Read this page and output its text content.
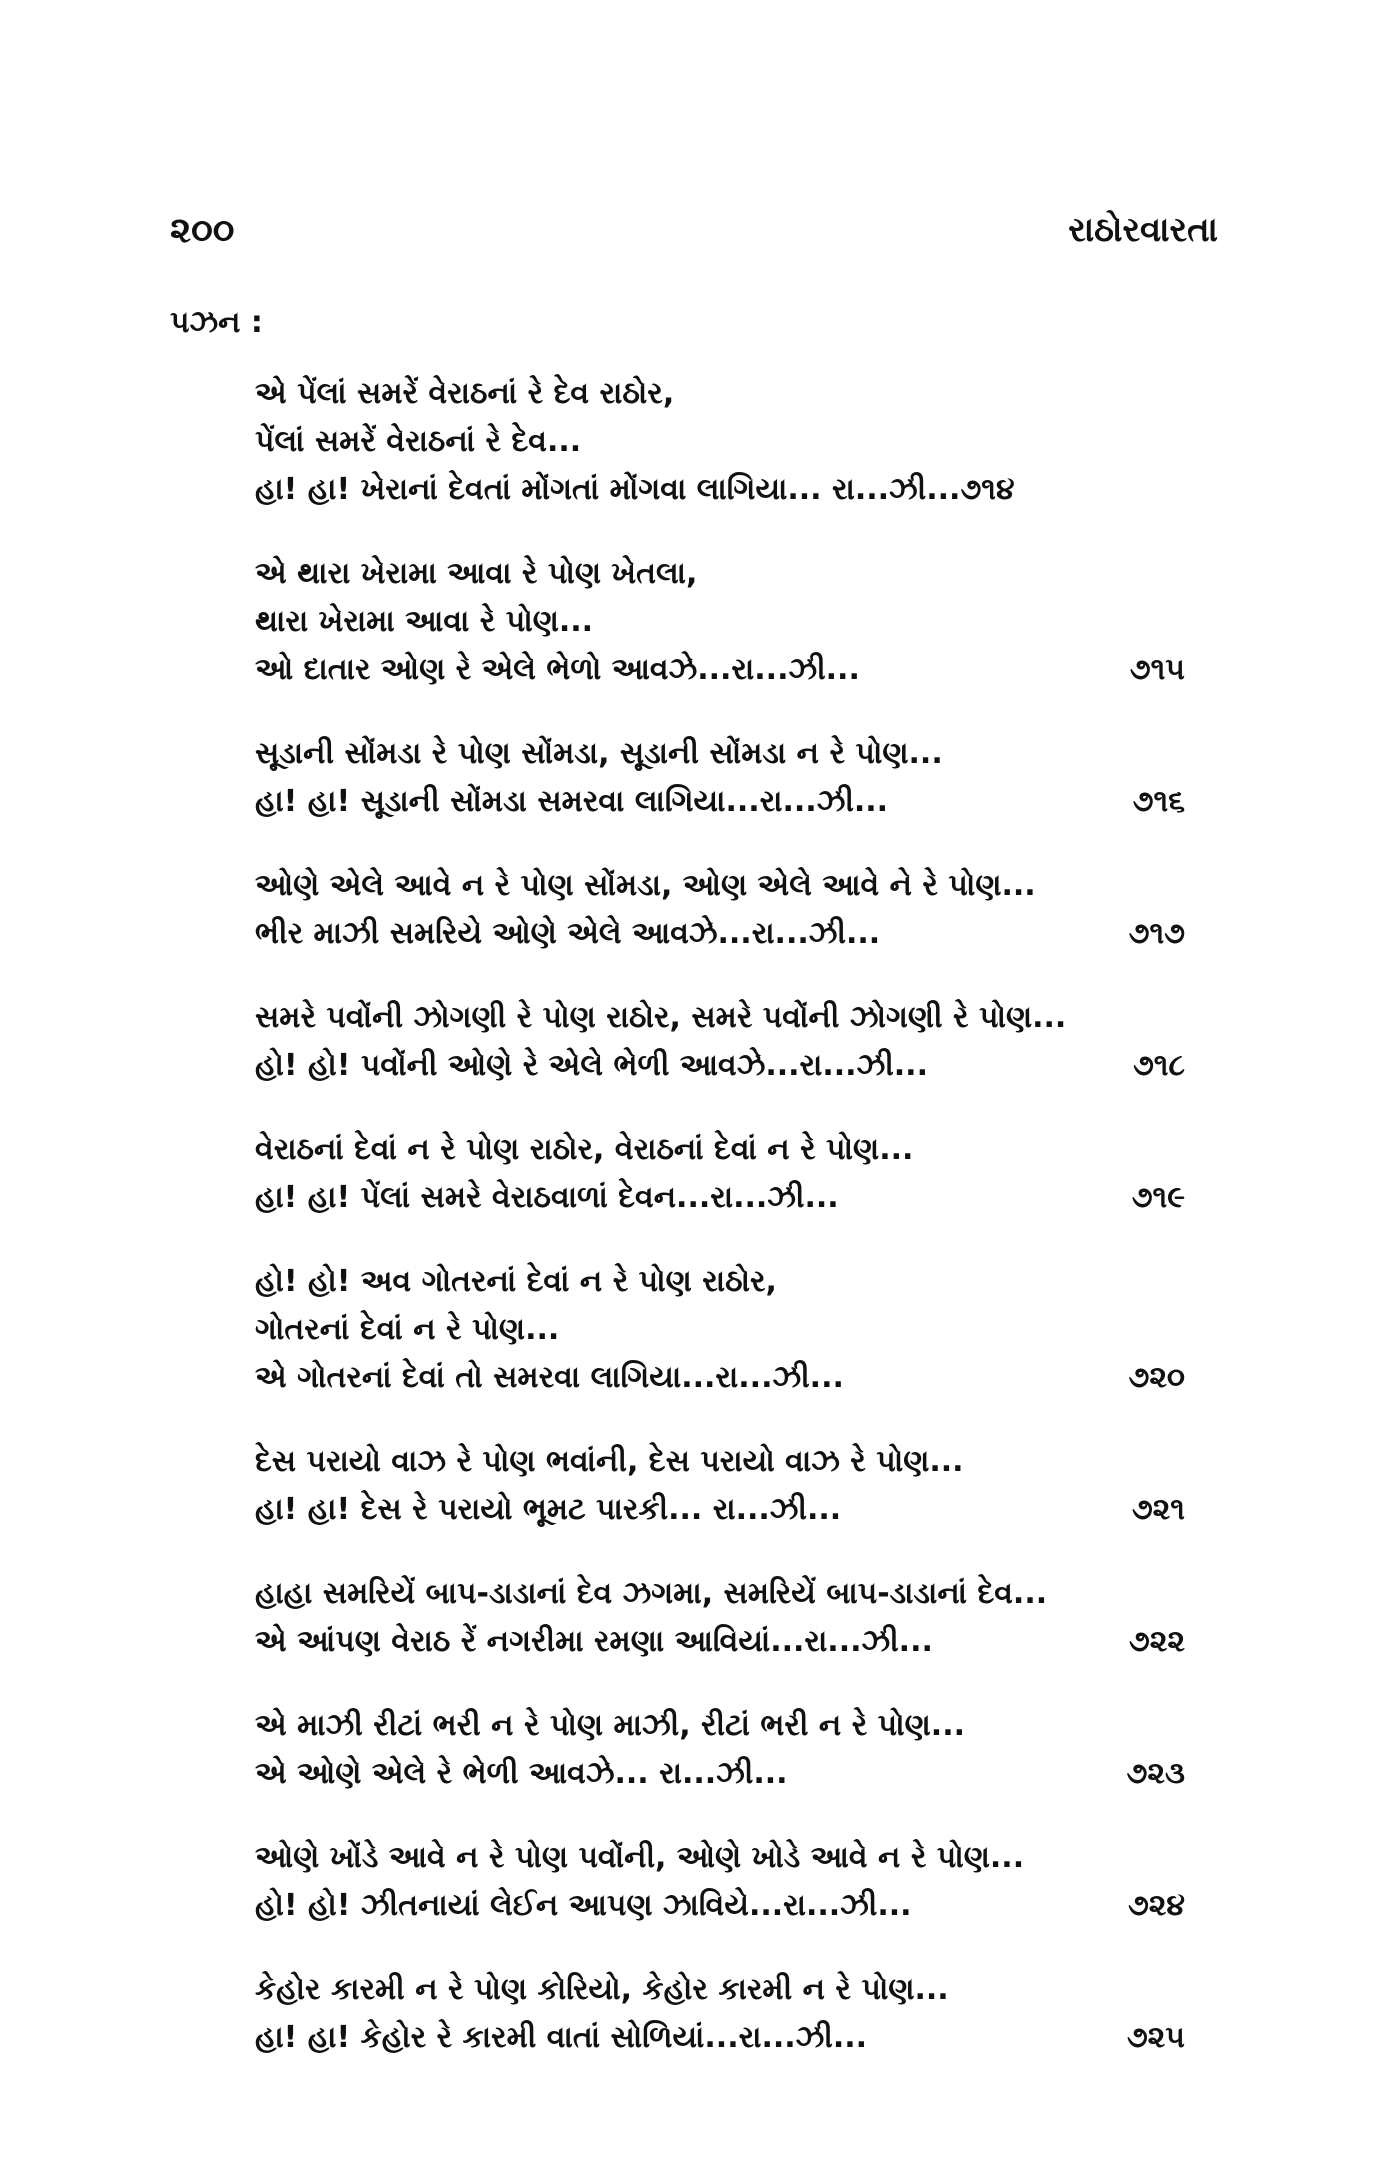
૨૦૦	રાઠોરવારતા
પઝન :
એ પેંલાં સમરેં વેરાઠનાં રે દેવ રાઠોર,
પેંલાં સમરેં વેરાઠનાં રે દેવ...
હા! હા! ખેરાનાં દેવતાં મોંગતાં મોંગવા લાગિયા... રા...ઝી...૭૧૪
એ થારા ખેરામા આવા રે પોણ ખેતલા,
થારા ખેરામા આવા રે પોણ...
ઓ દાતાર ઓણ રે એલે ભેળો આવઝે...રા...ઝી...	૭૧૫
સૂડાની સોંમડા રે પોણ સોંમડા, સૂડાની સોંમડા ન રે પોણ...
હા! હા! સૂડાની સોંમડા સમરવા લાગિયા...રા...ઝી...	૭૧૬
ઓણે એલે આવે ન રે પોણ સોંમડા, ઓણ એલે આવે ને રે પોણ...
ભીર માઝી સમરિયે ઓણે એલે આવઝે...રા...ઝી...	૭૧૭
સમરે પવોંની ઝોગણી રે પોણ રાઠોર, સમરે પવોંની ઝોગણી રે પોણ...
હો! હો! પવોંની ઓણે રે એલે ભેળી આવઝે...રા...ઝી...	૭૧૮
વેરાઠનાં દેવાં ન રે પોણ રાઠોર, વેરાઠનાં દેવાં ન રે પોણ...
હા! હા! પેંલાં સમરે વેરાઠવાળાં દેવન...રા...ઝી...	૭૧૯
હો! હો! અવ ગોતરનાં દેવાં ન રે પોણ રાઠોર,
ગોતરનાં દેવાં ન રે પોણ...
એ ગોતરનાં દેવાં તો સમરવા લાગિયા...રા...ઝી...	૭૨૦
દેસ પરાયો વાઝ રે પોણ ભવાંની, દેસ પરાયો વાઝ રે પોણ...
હા! હા! દેસ રે પરાયો ભૂમટ પારકી... રા...ઝી...	૭૨૧
હાહા સમરિયેં બાપ-ડાડાનાં દેવ ઝગમા, સમરિયેં બાપ-ડાડાનાં દેવ...
એ આંપણ વેરાઠ રેં નગરીમા રમણા આવિયાં...રા...ઝી...	૭૨૨
એ માઝી રીટાં ભરી ન રે પોણ માઝી, રીટાં ભરી ન રે પોણ...
એ ઓણે એલે રે ભેળી આવઝે... રા...ઝી...	૭૨૩
ઓણે ખોંડે આવે ન રે પોણ પવોંની, ઓણે ખોડે આવે ન રે પોણ...
હો! હો! ઝીતનાયાં લેઈન આપણ ઝાવિયે...રા...ઝી...	૭૨૪
કેહોર કારમી ન રે પોણ કોરિયો, કેહોર કારમી ન રે પોણ...
હા! હા! કેહોર રે કારમી વાતાં સોળિયાં...રા...ઝી...	૭૨૫
